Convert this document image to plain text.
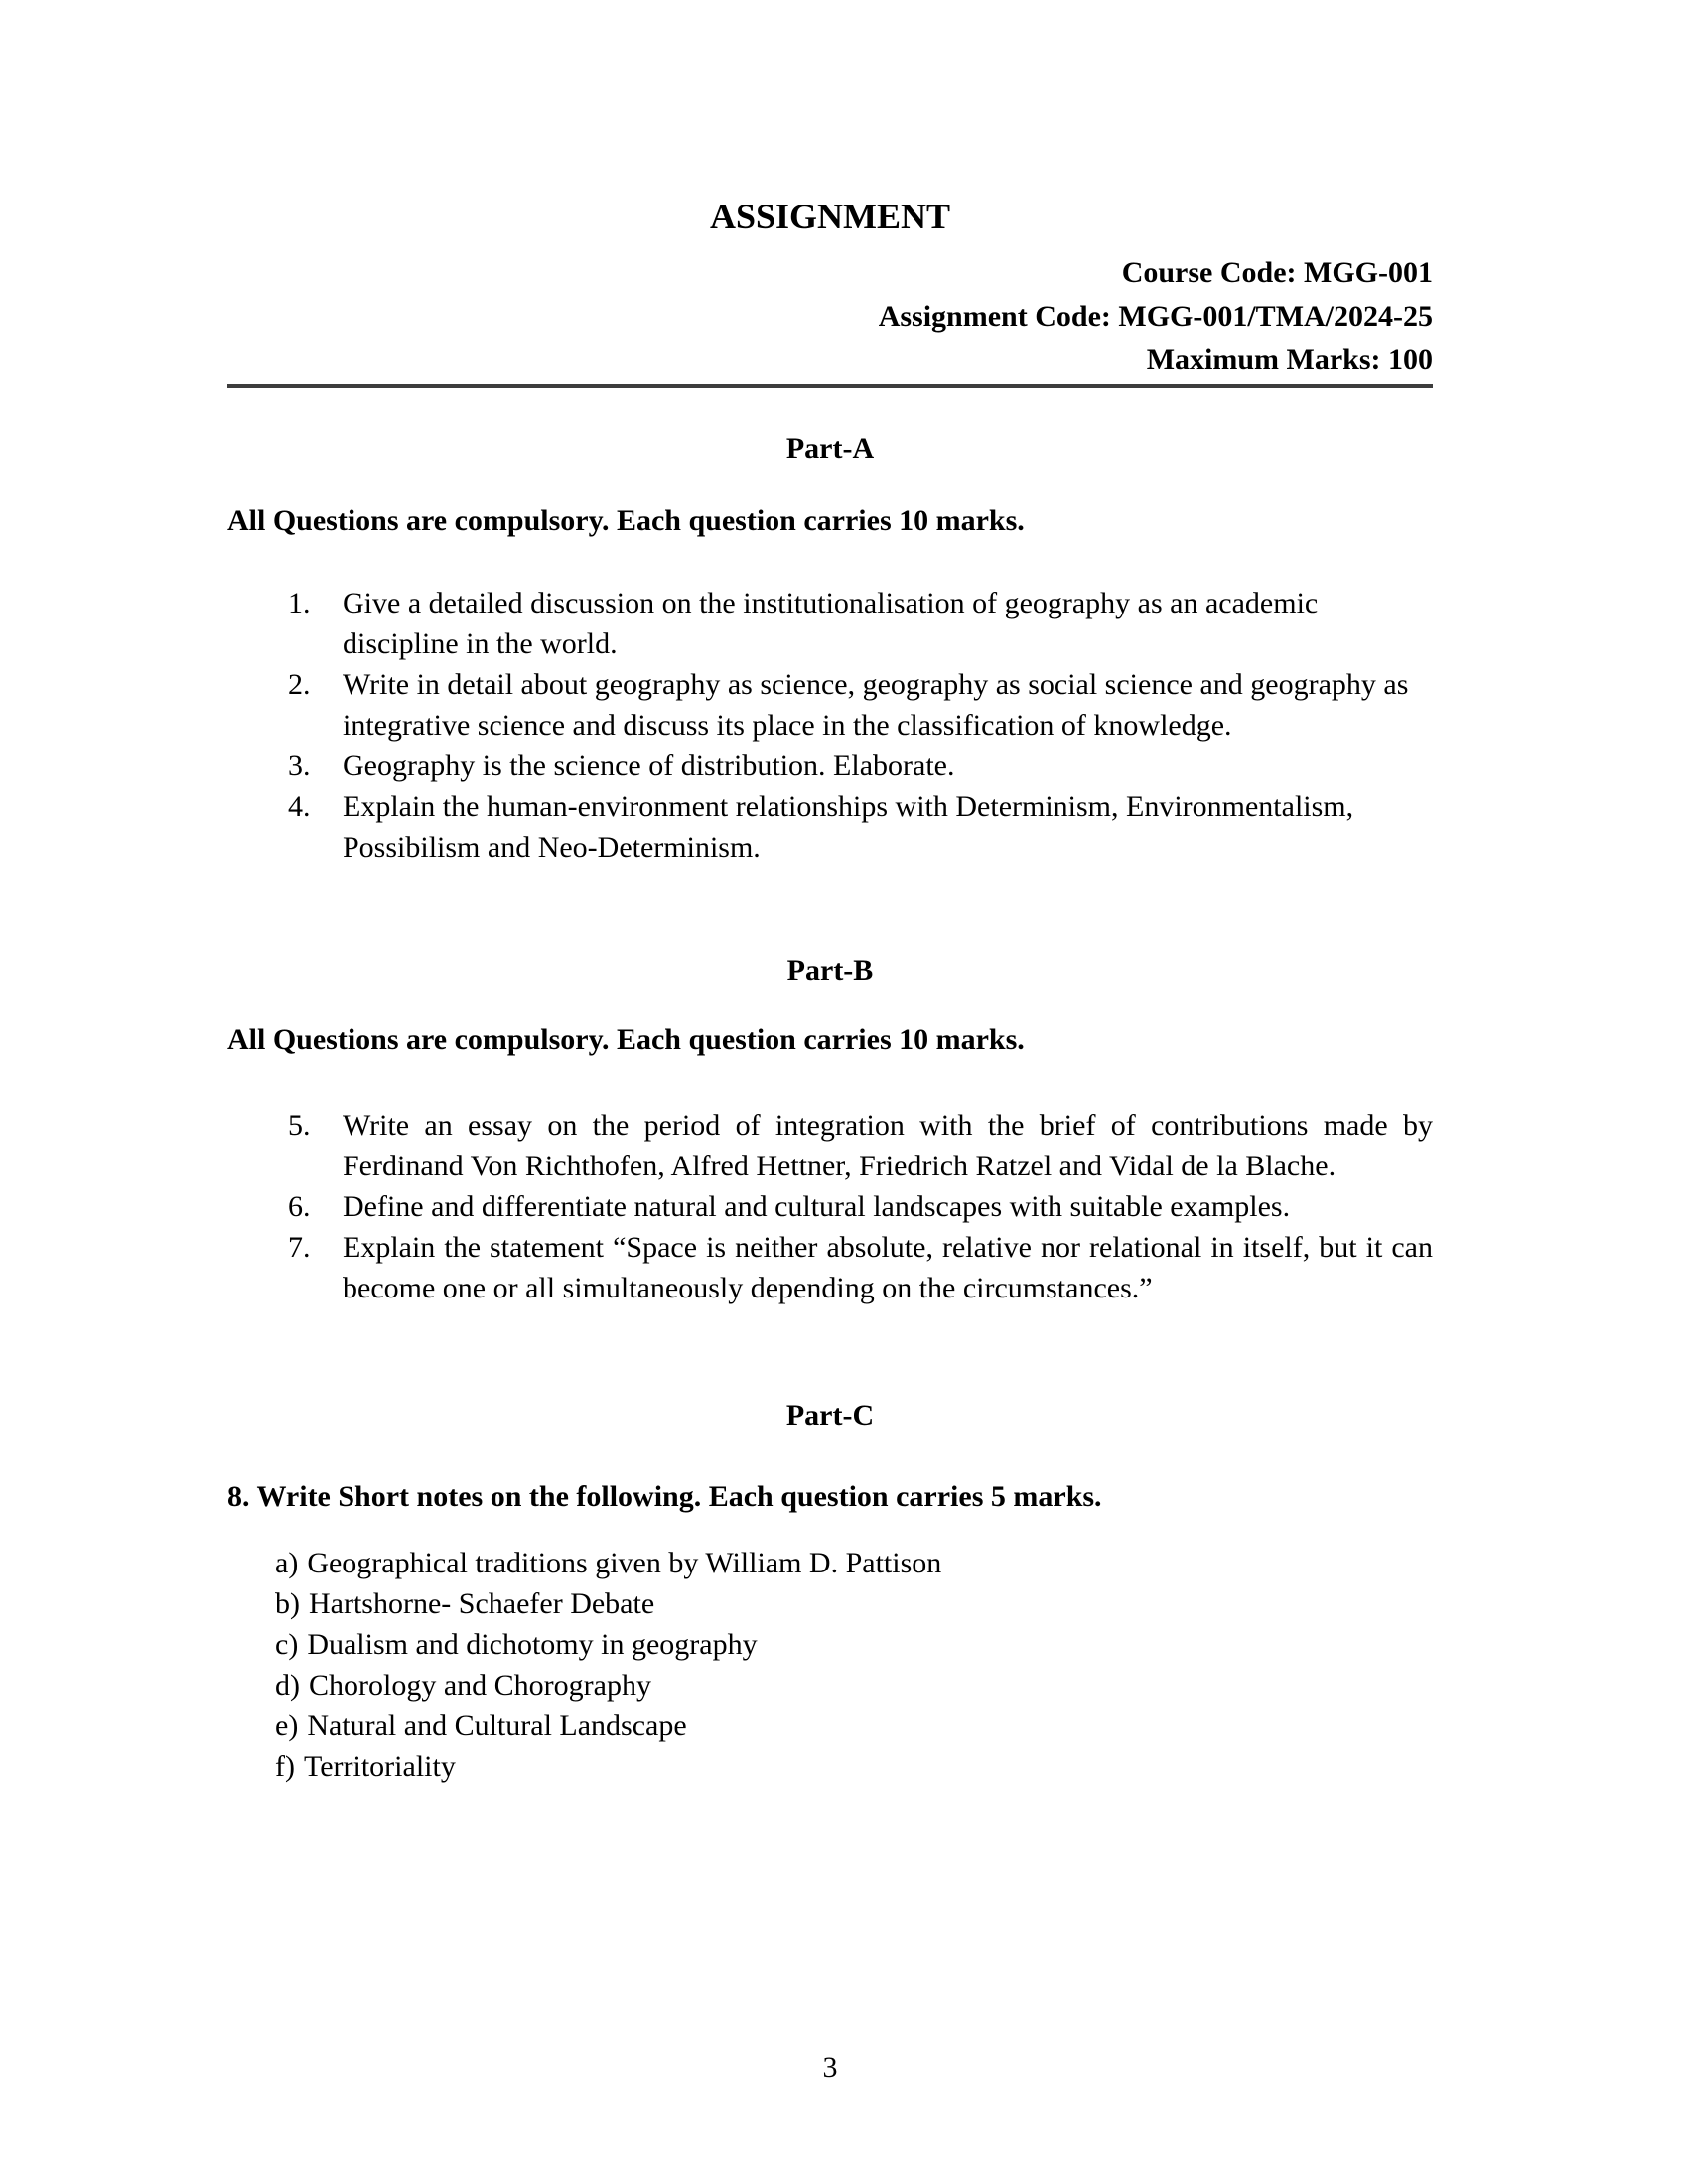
ASSIGNMENT
Course Code: MGG-001
Assignment Code: MGG-001/TMA/2024-25
Maximum Marks: 100
Part-A
All Questions are compulsory. Each question carries 10 marks.
1.	Give a detailed discussion on the institutionalisation of geography as an academic discipline in the world.
2.	Write in detail about geography as science, geography as social science and geography as integrative science and discuss its place in the classification of knowledge.
3.	Geography is the science of distribution. Elaborate.
4.	Explain the human-environment relationships with Determinism, Environmentalism, Possibilism and Neo-Determinism.
Part-B
All Questions are compulsory. Each question carries 10 marks.
5.	Write an essay on the period of integration with the brief of contributions made by Ferdinand Von Richthofen, Alfred Hettner, Friedrich Ratzel and Vidal de la Blache.
6.	Define and differentiate natural and cultural landscapes with suitable examples.
7.	Explain the statement “Space is neither absolute, relative nor relational in itself, but it can become one or all simultaneously depending on the circumstances.”
Part-C
8. Write Short notes on the following. Each question carries 5 marks.
a) Geographical traditions given by William D. Pattison
b) Hartshorne- Schaefer Debate
c) Dualism and dichotomy in geography
d) Chorology and Chorography
e) Natural and Cultural Landscape
f) Territoriality
3
